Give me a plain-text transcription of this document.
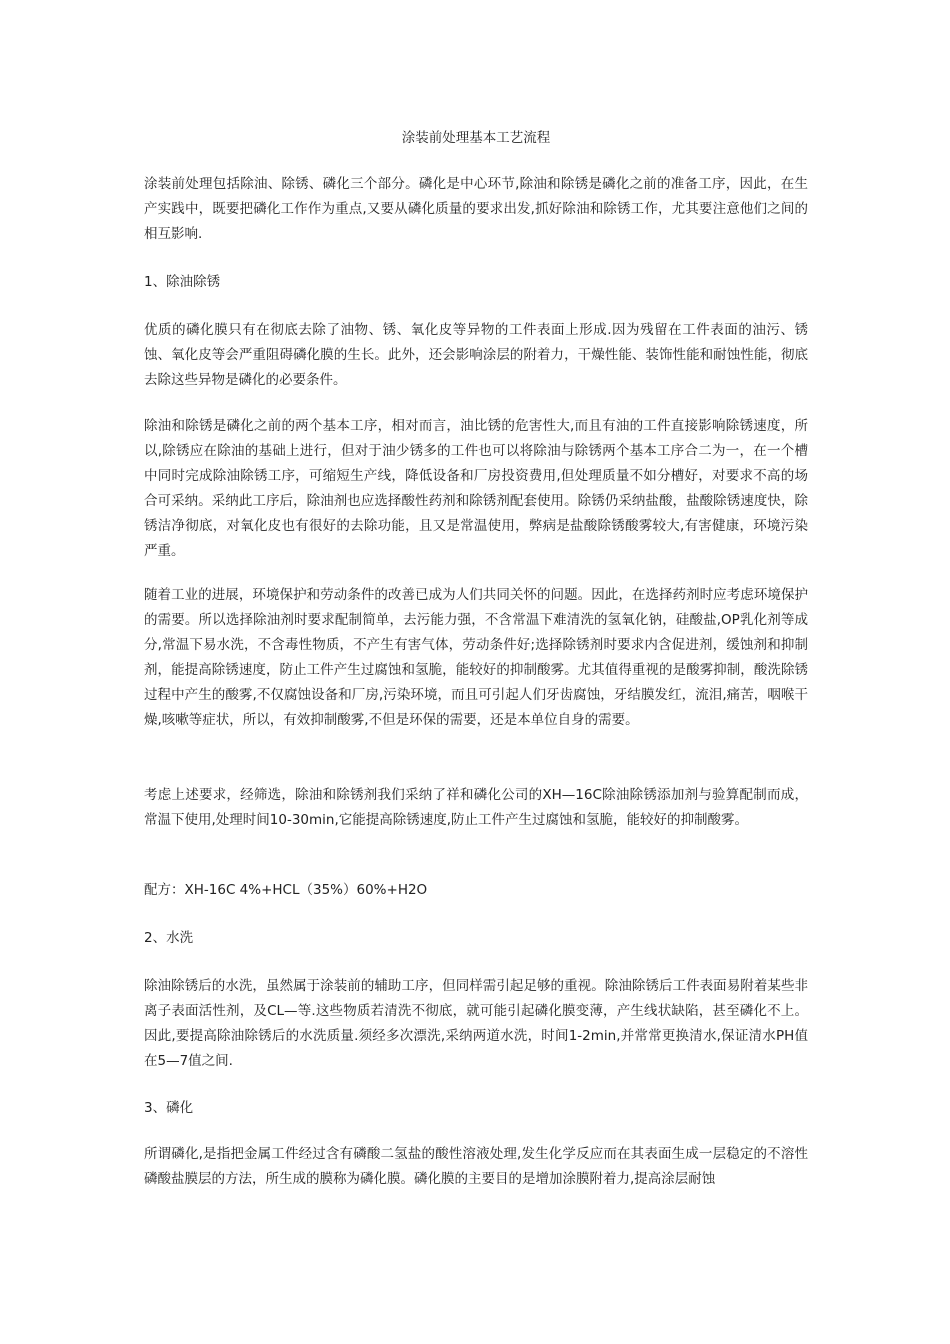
涂装前处理基本工艺流程

涂装前处理包括除油、除锈、磷化三个部分。磷化是中心环节,除油和除锈是磷化之前的准备工序，因此，在生产实践中，既要把磷化工作作为重点,又要从磷化质量的要求出发,抓好除油和除锈工作，尤其要注意他们之间的相互影响.

1、除油除锈

优质的磷化膜只有在彻底去除了油物、锈、氧化皮等异物的工件表面上形成.因为残留在工件表面的油污、锈蚀、氧化皮等会严重阻碍磷化膜的生长。此外，还会影响涂层的附着力，干燥性能、装饰性能和耐蚀性能，彻底去除这些异物是磷化的必要条件。

除油和除锈是磷化之前的两个基本工序，相对而言，油比锈的危害性大,而且有油的工件直接影响除锈速度，所以,除锈应在除油的基础上进行，但对于油少锈多的工件也可以将除油与除锈两个基本工序合二为一，在一个槽中同时完成除油除锈工序，可缩短生产线，降低设备和厂房投资费用,但处理质量不如分槽好，对要求不高的场合可采纳。采纳此工序后，除油剂也应选择酸性药剂和除锈剂配套使用。除锈仍采纳盐酸，盐酸除锈速度快，除锈洁净彻底，对氧化皮也有很好的去除功能，且又是常温使用，弊病是盐酸除锈酸雾较大,有害健康，环境污染严重。

随着工业的进展，环境保护和劳动条件的改善已成为人们共同关怀的问题。因此，在选择药剂时应考虑环境保护的需要。所以选择除油剂时要求配制简单，去污能力强，不含常温下难清洗的氢氧化钠，硅酸盐,OP乳化剂等成分,常温下易水洗，不含毒性物质，不产生有害气体，劳动条件好;选择除锈剂时要求内含促进剂，缓蚀剂和抑制剂，能提高除锈速度，防止工件产生过腐蚀和氢脆，能较好的抑制酸雾。尤其值得重视的是酸雾抑制，酸洗除锈过程中产生的酸雾,不仅腐蚀设备和厂房,污染环境，而且可引起人们牙齿腐蚀，牙结膜发红，流泪,痛苦，咽喉干燥,咳嗽等症状，所以，有效抑制酸雾,不但是环保的需要，还是本单位自身的需要。

考虑上述要求，经筛选，除油和除锈剂我们采纳了祥和磷化公司的XH—16C除油除锈添加剂与验算配制而成，常温下使用,处理时间10-30min,它能提高除锈速度,防止工件产生过腐蚀和氢脆，能较好的抑制酸雾。

配方：XH-16C 4%+HCL（35%）60%+H2O

2、水洗

除油除锈后的水洗，虽然属于涂装前的辅助工序，但同样需引起足够的重视。除油除锈后工件表面易附着某些非离子表面活性剂，及CL—等.这些物质若清洗不彻底，就可能引起磷化膜变薄，产生线状缺陷，甚至磷化不上。因此,要提高除油除锈后的水洗质量.须经多次漂洗,采纳两道水洗，时间1-2min,并常常更换清水,保证清水PH值在5—7值之间.

3、磷化

所谓磷化,是指把金属工件经过含有磷酸二氢盐的酸性溶液处理,发生化学反应而在其表面生成一层稳定的不溶性磷酸盐膜层的方法，所生成的膜称为磷化膜。磷化膜的主要目的是增加涂膜附着力,提高涂层耐蚀
